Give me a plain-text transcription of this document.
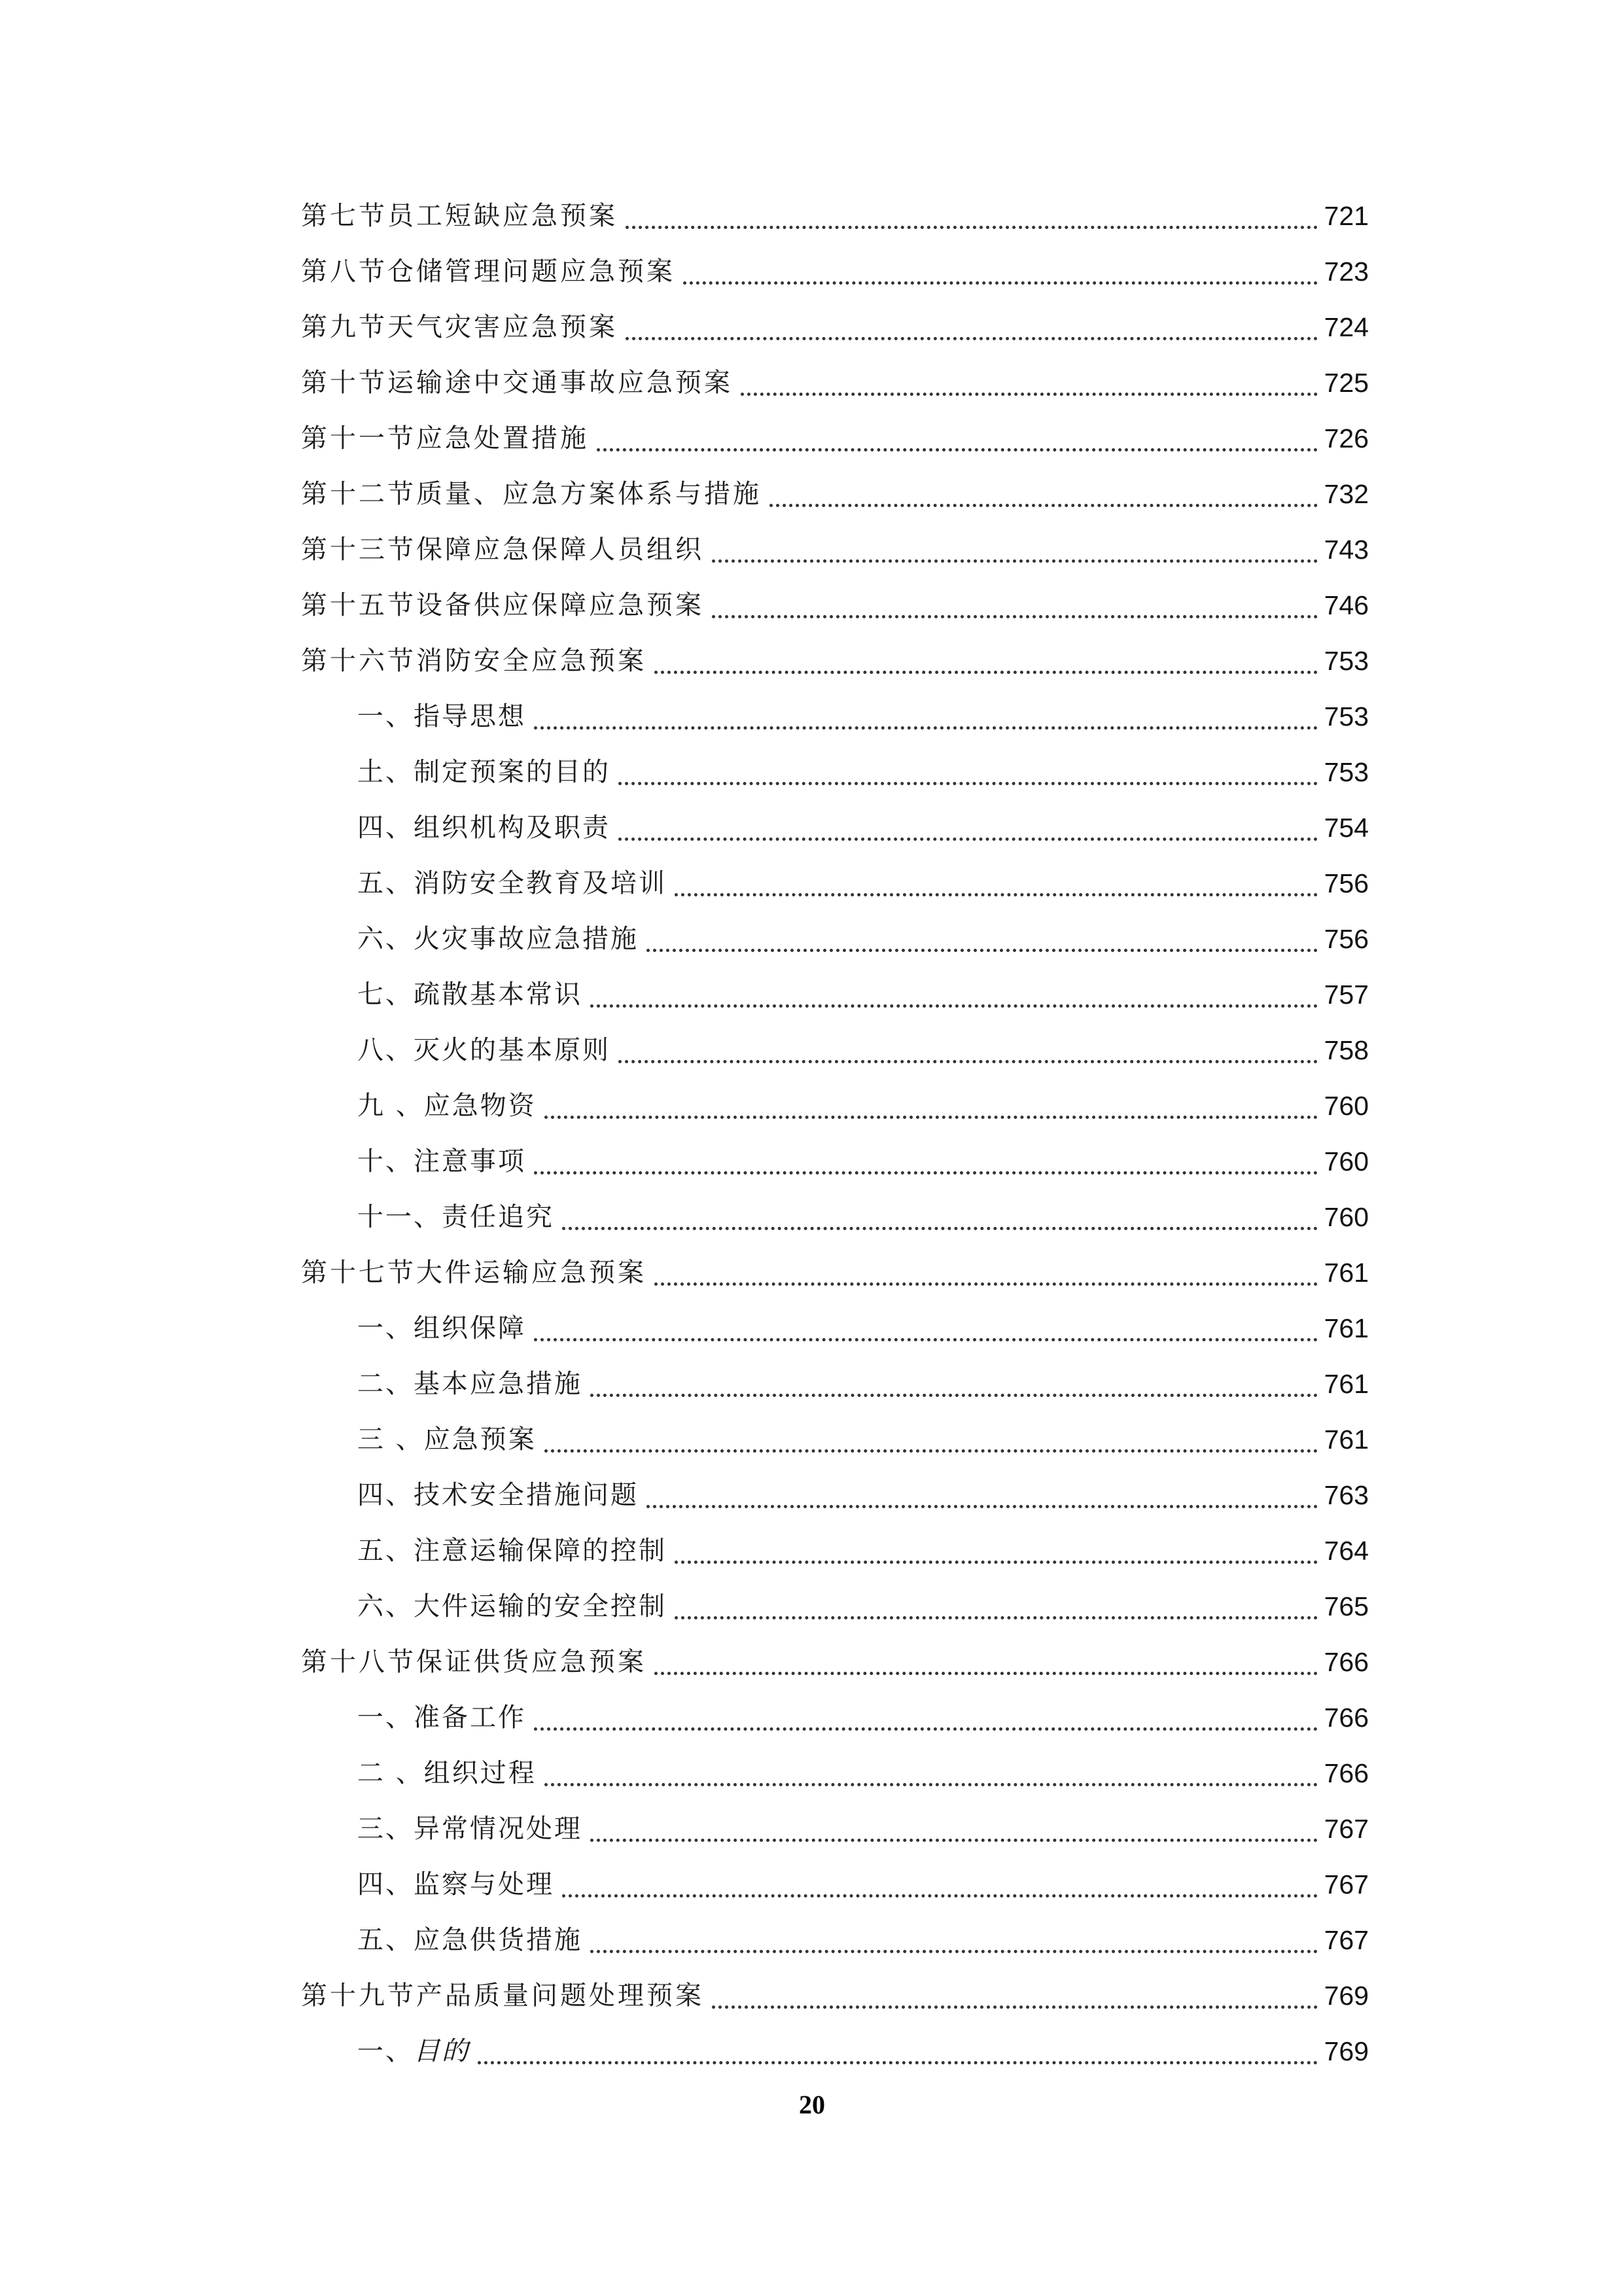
第七节员工短缺应急预案	721
第八节仓储管理问题应急预案	723
第九节天气灾害应急预案	724
第十节运输途中交通事故应急预案	725
第十一节应急处置措施	726
第十二节质量、应急方案体系与措施	732
第十三节保障应急保障人员组织	743
第十五节设备供应保障应急预案	746
第十六节消防安全应急预案	753
一、指导思想	753
土、制定预案的目的	753
四、组织机构及职责	754
五、消防安全教育及培训	756
六、火灾事故应急措施	756
七、疏散基本常识	757
八、灭火的基本原则	758
九 、应急物资	760
十、注意事项	760
十一、责任追究	760
第十七节大件运输应急预案	761
一、组织保障	761
二、基本应急措施	761
三 、应急预案	761
四、技术安全措施问题	763
五、注意运输保障的控制	764
六、大件运输的安全控制	765
第十八节保证供货应急预案	766
一、准备工作	766
二 、组织过程	766
三、异常情况处理	767
四、监察与处理	767
五、应急供货措施	767
第十九节产品质量问题处理预案	769
一、目的	769
20
